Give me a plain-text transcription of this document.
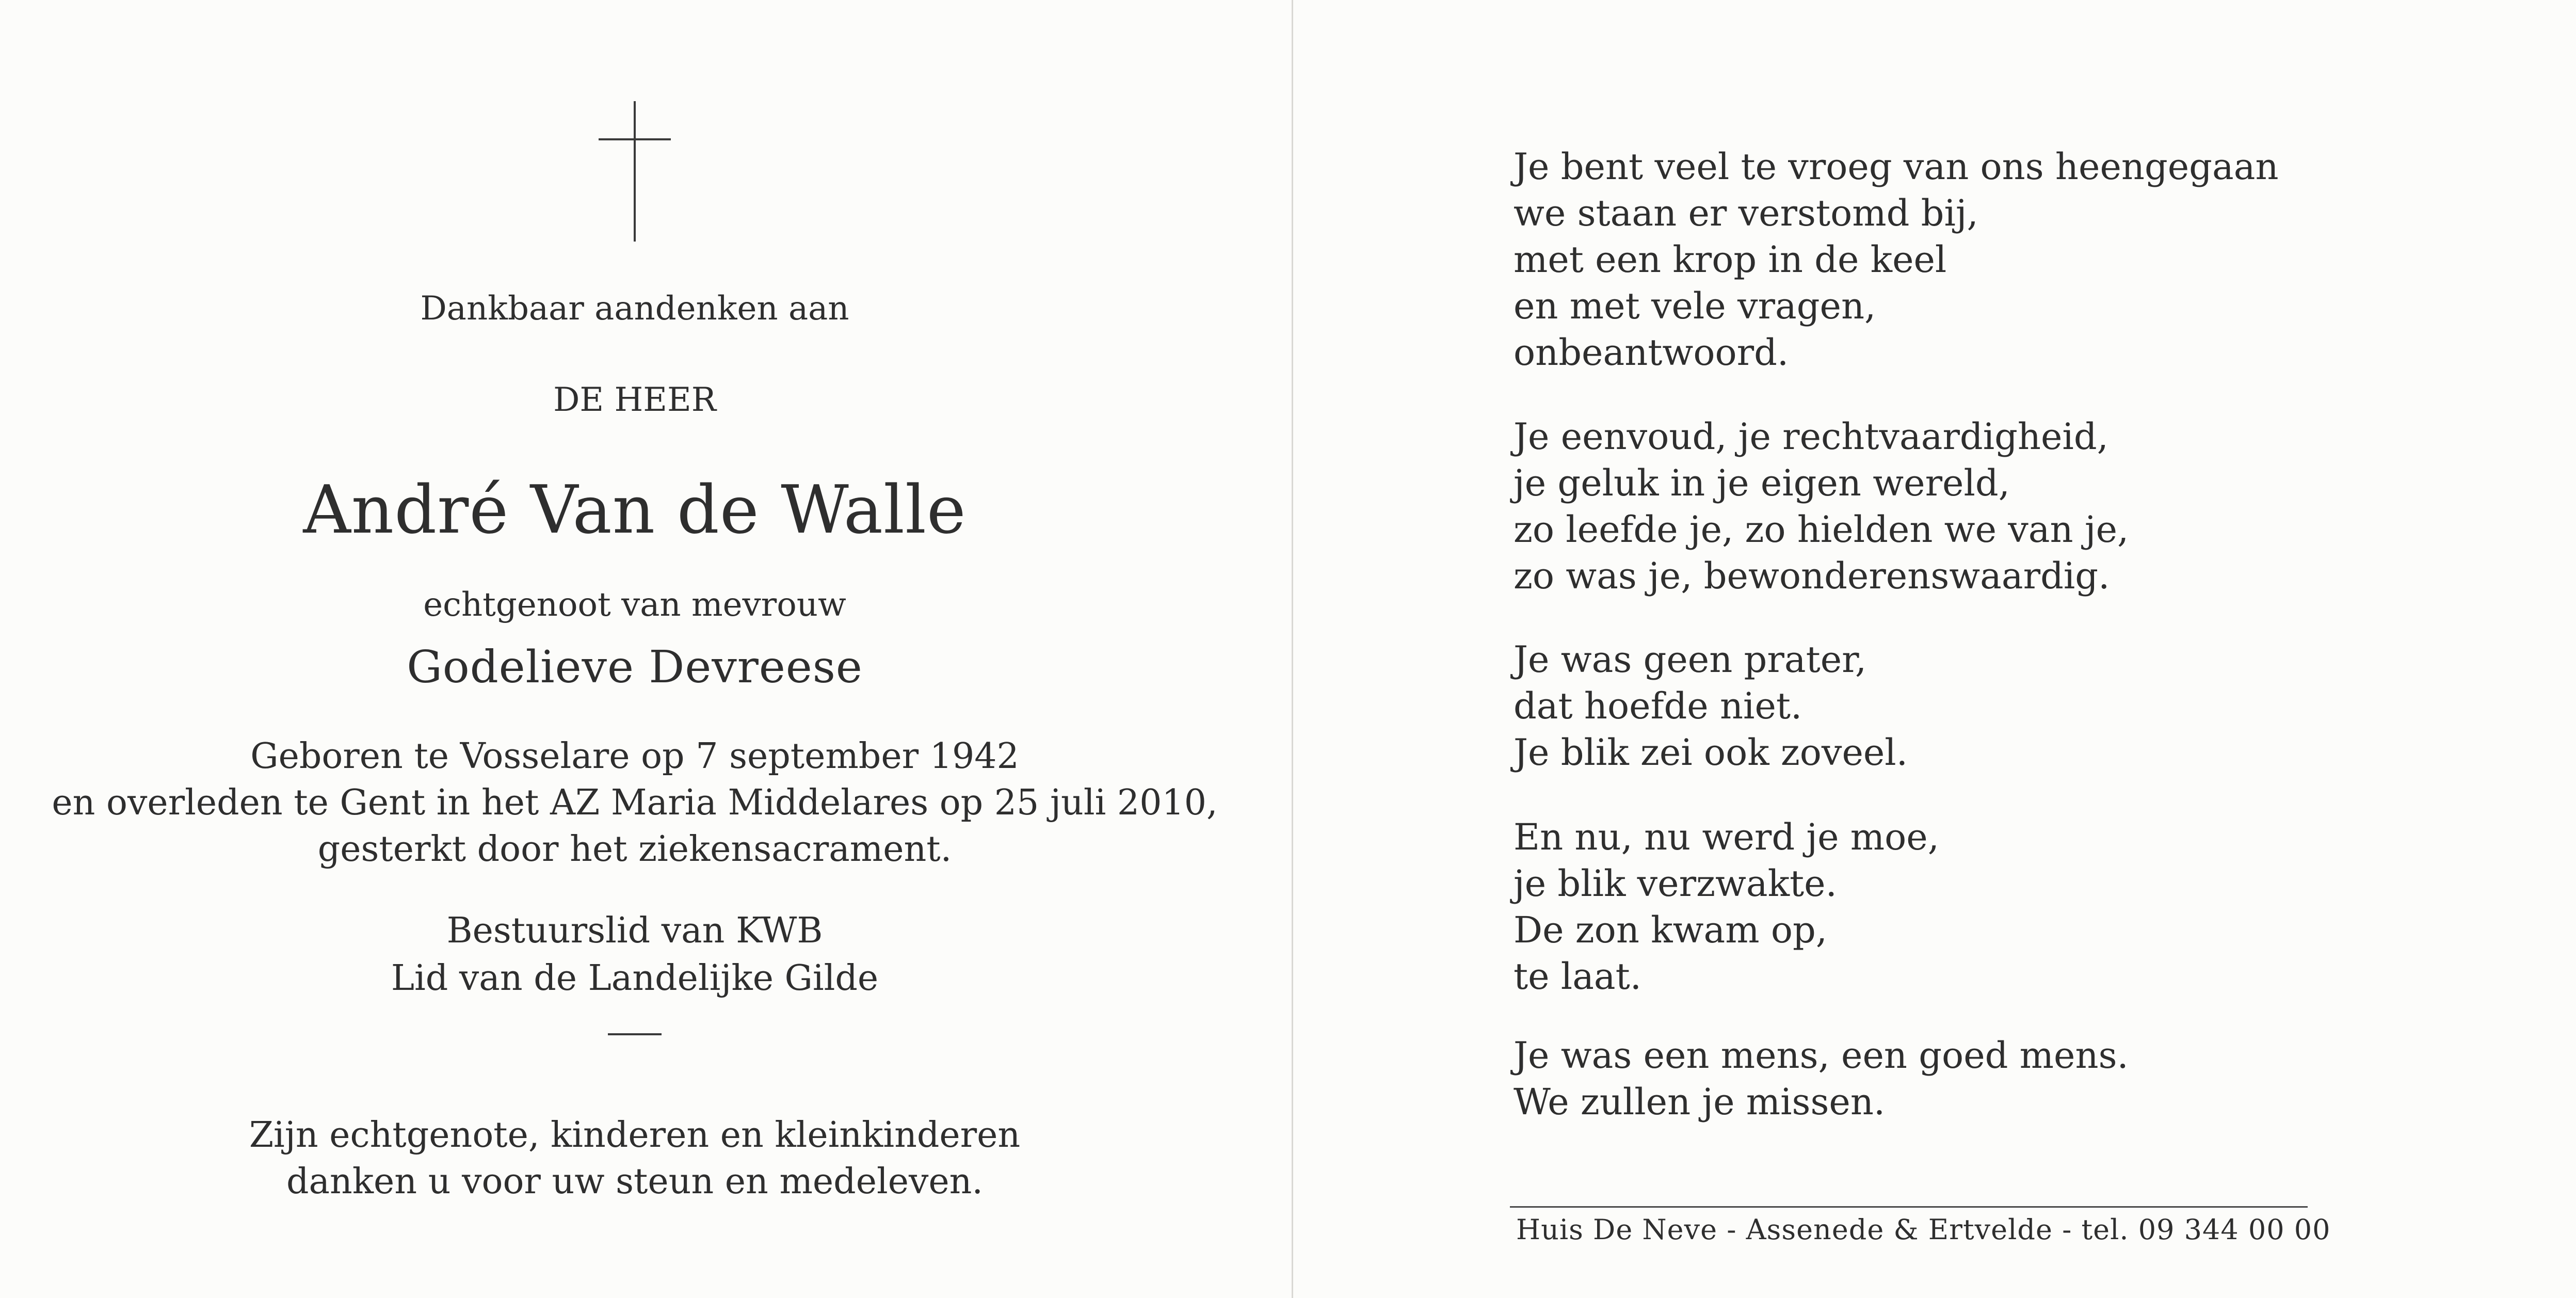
Dankbaar aandenken aan
DE HEER
André Van de Walle
echtgenoot van mevrouw
Godelieve Devreese
Geboren te Vosselare op 7 september 1942
en overleden te Gent in het AZ Maria Middelares op 25 juli 2010,
gesterkt door het ziekensacrament.
Bestuurslid van KWB
Lid van de Landelijke Gilde
Zijn echtgenote, kinderen en kleinkinderen
danken u voor uw steun en medeleven.
Je bent veel te vroeg van ons heengegaan
we staan er verstomd bij,
met een krop in de keel
en met vele vragen,
onbeantwoord.
Je eenvoud, je rechtvaardigheid,
je geluk in je eigen wereld,
zo leefde je, zo hielden we van je,
zo was je, bewonderenswaardig.
Je was geen prater,
dat hoefde niet.
Je blik zei ook zoveel.
En nu, nu werd je moe,
je blik verzwakte.
De zon kwam op,
te laat.
Je was een mens, een goed mens.
We zullen je missen.
Huis De Neve - Assenede & Ertvelde - tel. 09 344 00 00
